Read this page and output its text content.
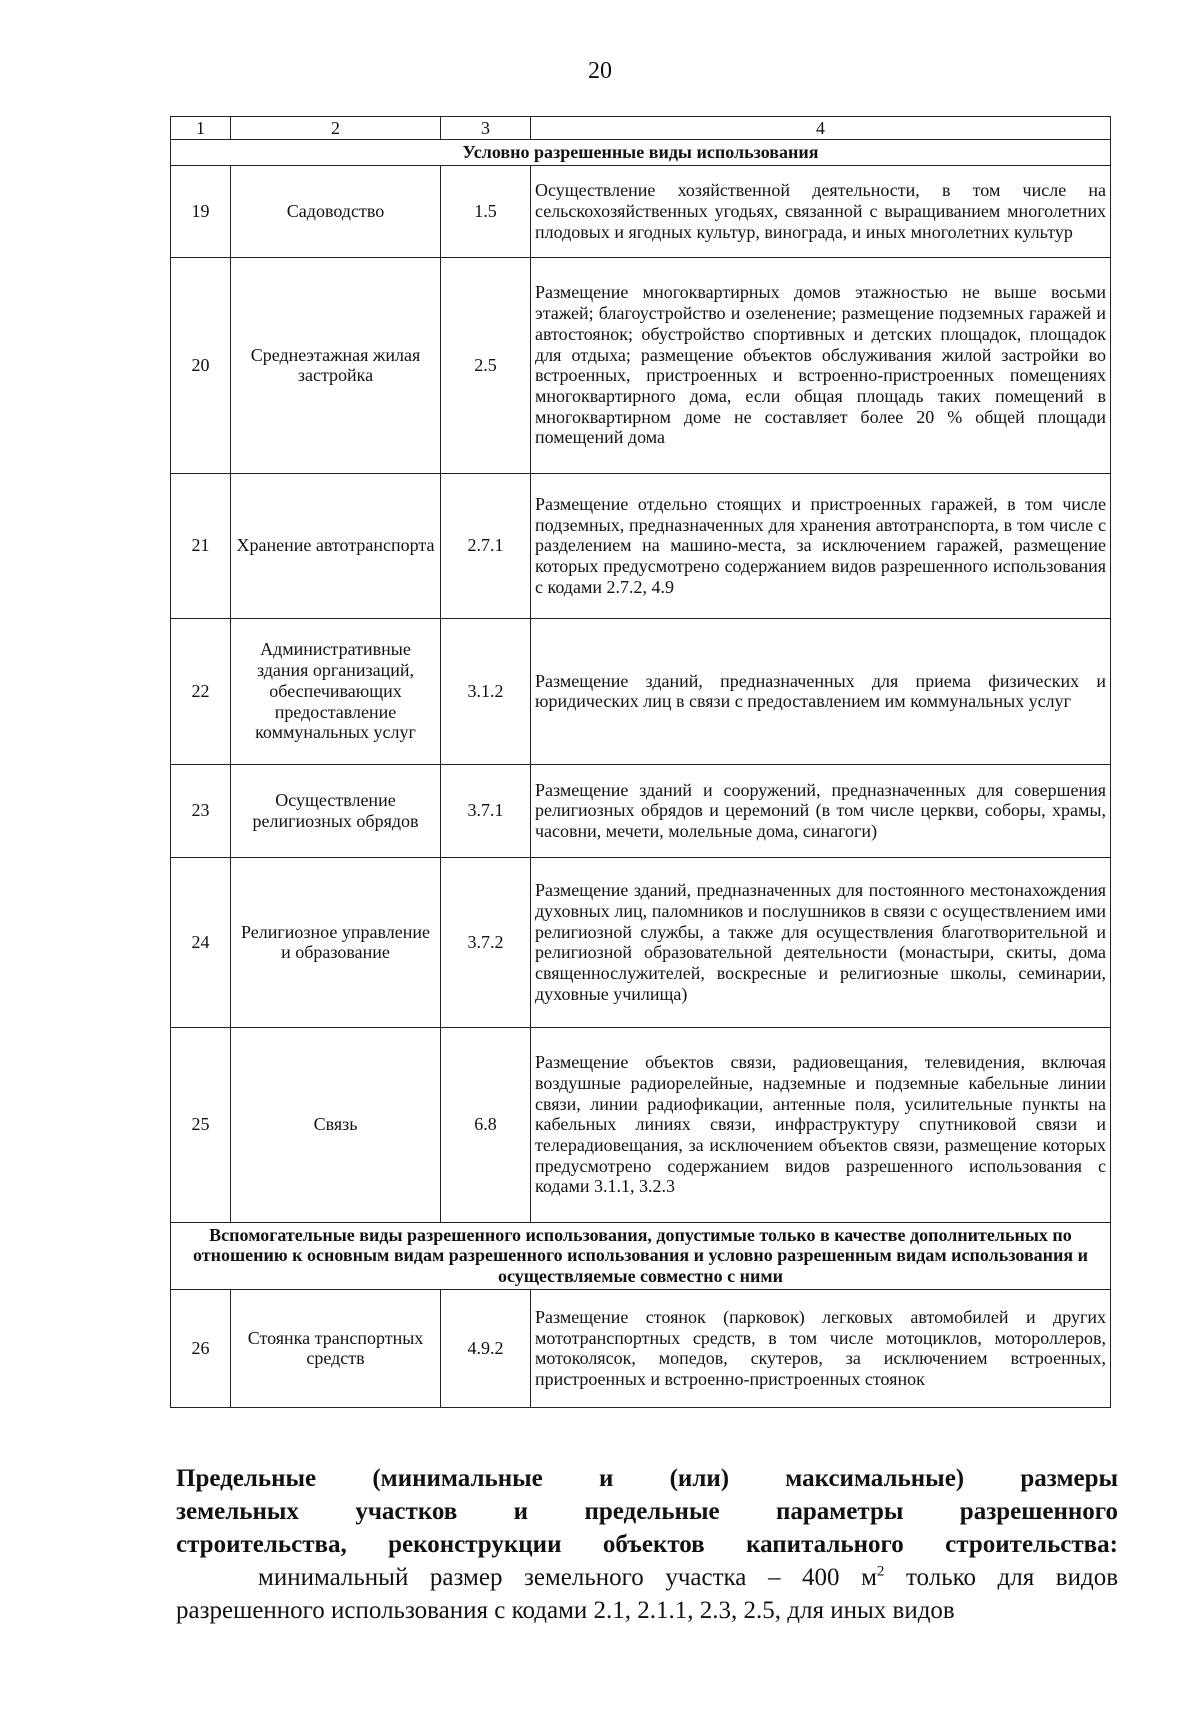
20
1	2	3	4
Условно разрешенные виды использования			
19	Садоводство	1.5	Осуществление хозяйственной деятельности, в том числе на сельскохозяйственных угодьях, связанной с выращиванием многолетних плодовых и ягодных культур, винограда, и иных многолетних культур
20	Среднеэтажная жилая застройка	2.5	Размещение многоквартирных домов этажностью не выше восьми этажей; благоустройство и озеленение; размещение подземных гаражей и автостоянок; обустройство спортивных и детских площадок, площадок для отдыха; размещение объектов обслуживания жилой застройки во встроенных, пристроенных и встроенно-пристроенных помещениях многоквартирного дома, если общая площадь таких помещений в многоквартирном доме не составляет более 20 % общей площади помещений дома
21	Хранение автотранспорта	2.7.1	Размещение отдельно стоящих и пристроенных гаражей, в том числе подземных, предназначенных для хранения автотранспорта, в том числе с разделением на машино-места, за исключением гаражей, размещение которых предусмотрено содержанием видов разрешенного использования с кодами 2.7.2, 4.9
22	Административные здания организаций, обеспечивающих предоставление коммунальных услуг	3.1.2	Размещение зданий, предназначенных для приема физических и юридических лиц в связи с предоставлением им коммунальных услуг
23	Осуществление религиозных обрядов	3.7.1	Размещение зданий и сооружений, предназначенных для совершения религиозных обрядов и церемоний (в том числе церкви, соборы, храмы, часовни, мечети, молельные дома, синагоги)
24	Религиозное управление и образование	3.7.2	Размещение зданий, предназначенных для постоянного местонахождения духовных лиц, паломников и послушников в связи с осуществлением ими религиозной службы, а также для осуществления благотворительной и религиозной образовательной деятельности (монастыри, скиты, дома священнослужителей, воскресные и религиозные школы, семинарии, духовные училища)
25	Связь	6.8	Размещение объектов связи, радиовещания, телевидения, включая воздушные радиорелейные, надземные и подземные кабельные линии связи, линии радиофикации, антенные поля, усилительные пункты на кабельных линиях связи, инфраструктуру спутниковой связи и телерадиовещания, за исключением объектов связи, размещение которых предусмотрено содержанием видов разрешенного использования с кодами 3.1.1, 3.2.3
Вспомогательные виды разрешенного использования, допустимые только в качестве дополнительных по отношению к основным видам разрешенного использования и условно разрешенным видам использования и осуществляемые совместно с ними			
26	Стоянка транспортных средств	4.9.2	Размещение стоянок (парковок) легковых автомобилей и других мототранспортных средств, в том числе мотоциклов, мотороллеров, мотоколясок, мопедов, скутеров, за исключением встроенных, пристроенных и встроенно-пристроенных стоянок
Предельные (минимальные и (или) максимальные) размеры
земельных участков и предельные параметры разрешенного
строительства, реконструкции объектов капитального строительства:

минимальный размер земельного участка – 400 $м^2$ только для видов разрешенного использования с кодами 2.1, 2.1.1, 2.3, 2.5, для иных видов
